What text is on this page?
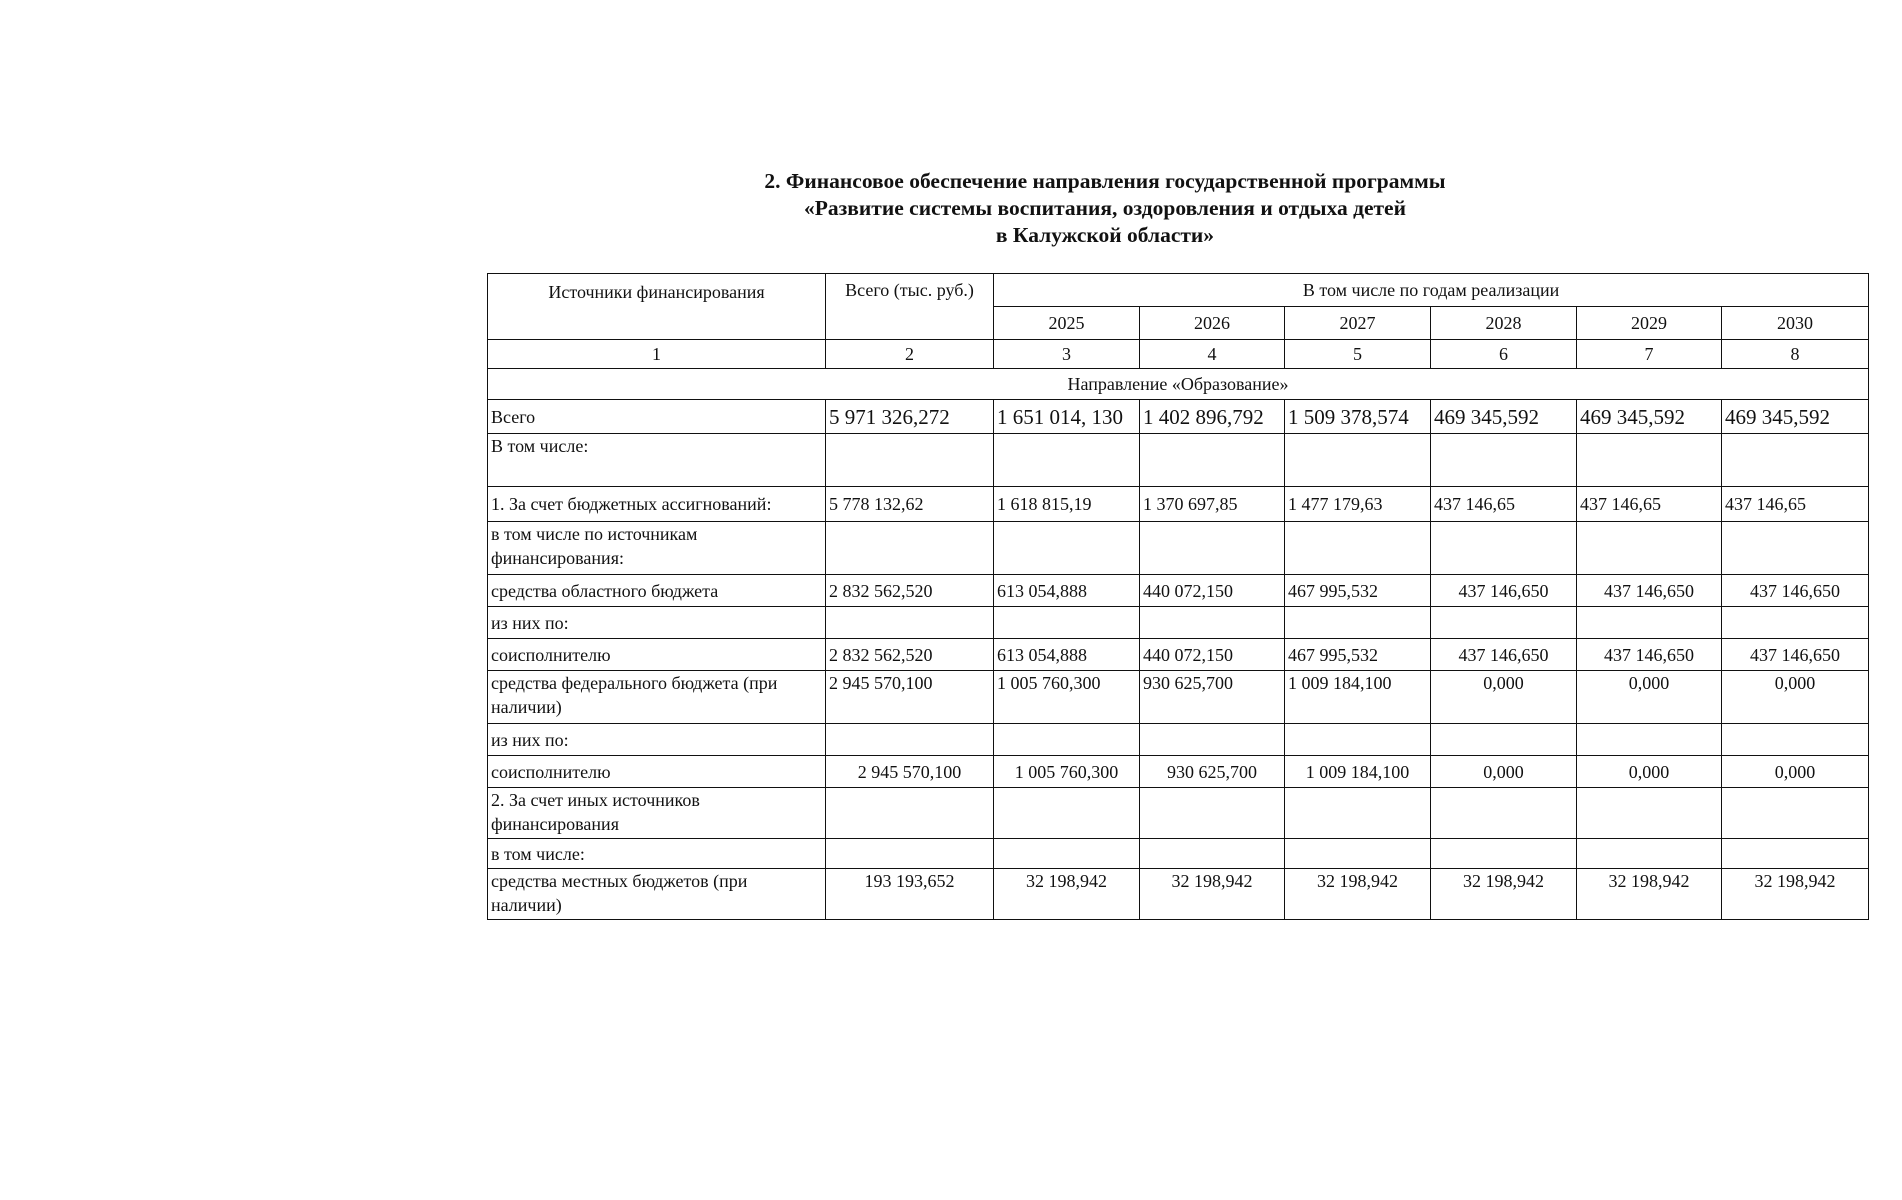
2. Финансовое обеспечение направления государственной программы
«Развитие системы воспитания, оздоровления и отдыха детей
в Калужской области»
Источники финансирования	Всего (тыс. руб.)	В том числе по годам реализации					
		2025	2026	2027	2028	2029	2030
1	2	3	4	5	6	7	8
Направление «Образование»							
Всего	5 971 326,272	1 651 014, 130	1 402 896,792	1 509 378,574	469 345,592	469 345,592	469 345,592
В том числе:							
1. За счет бюджетных ассигнований:	5 778 132,62	1 618 815,19	1 370 697,85	1 477 179,63	437 146,65	437 146,65	437 146,65
в том числе по источникам финансирования:							
средства областного бюджета	2 832 562,520	613 054,888	440 072,150	467 995,532	437 146,650	437 146,650	437 146,650
из них по:							
соисполнителю	2 832 562,520	613 054,888	440 072,150	467 995,532	437 146,650	437 146,650	437 146,650
средства федерального бюджета (при наличии)	2 945 570,100	1 005 760,300	930 625,700	1 009 184,100	0,000	0,000	0,000
из них по:							
соисполнителю	2 945 570,100	1 005 760,300	930 625,700	1 009 184,100	0,000	0,000	0,000
2. За счет иных источников финансирования							
в том числе:							
средства местных бюджетов (при наличии)	193 193,652	32 198,942	32 198,942	32 198,942	32 198,942	32 198,942	32 198,942
